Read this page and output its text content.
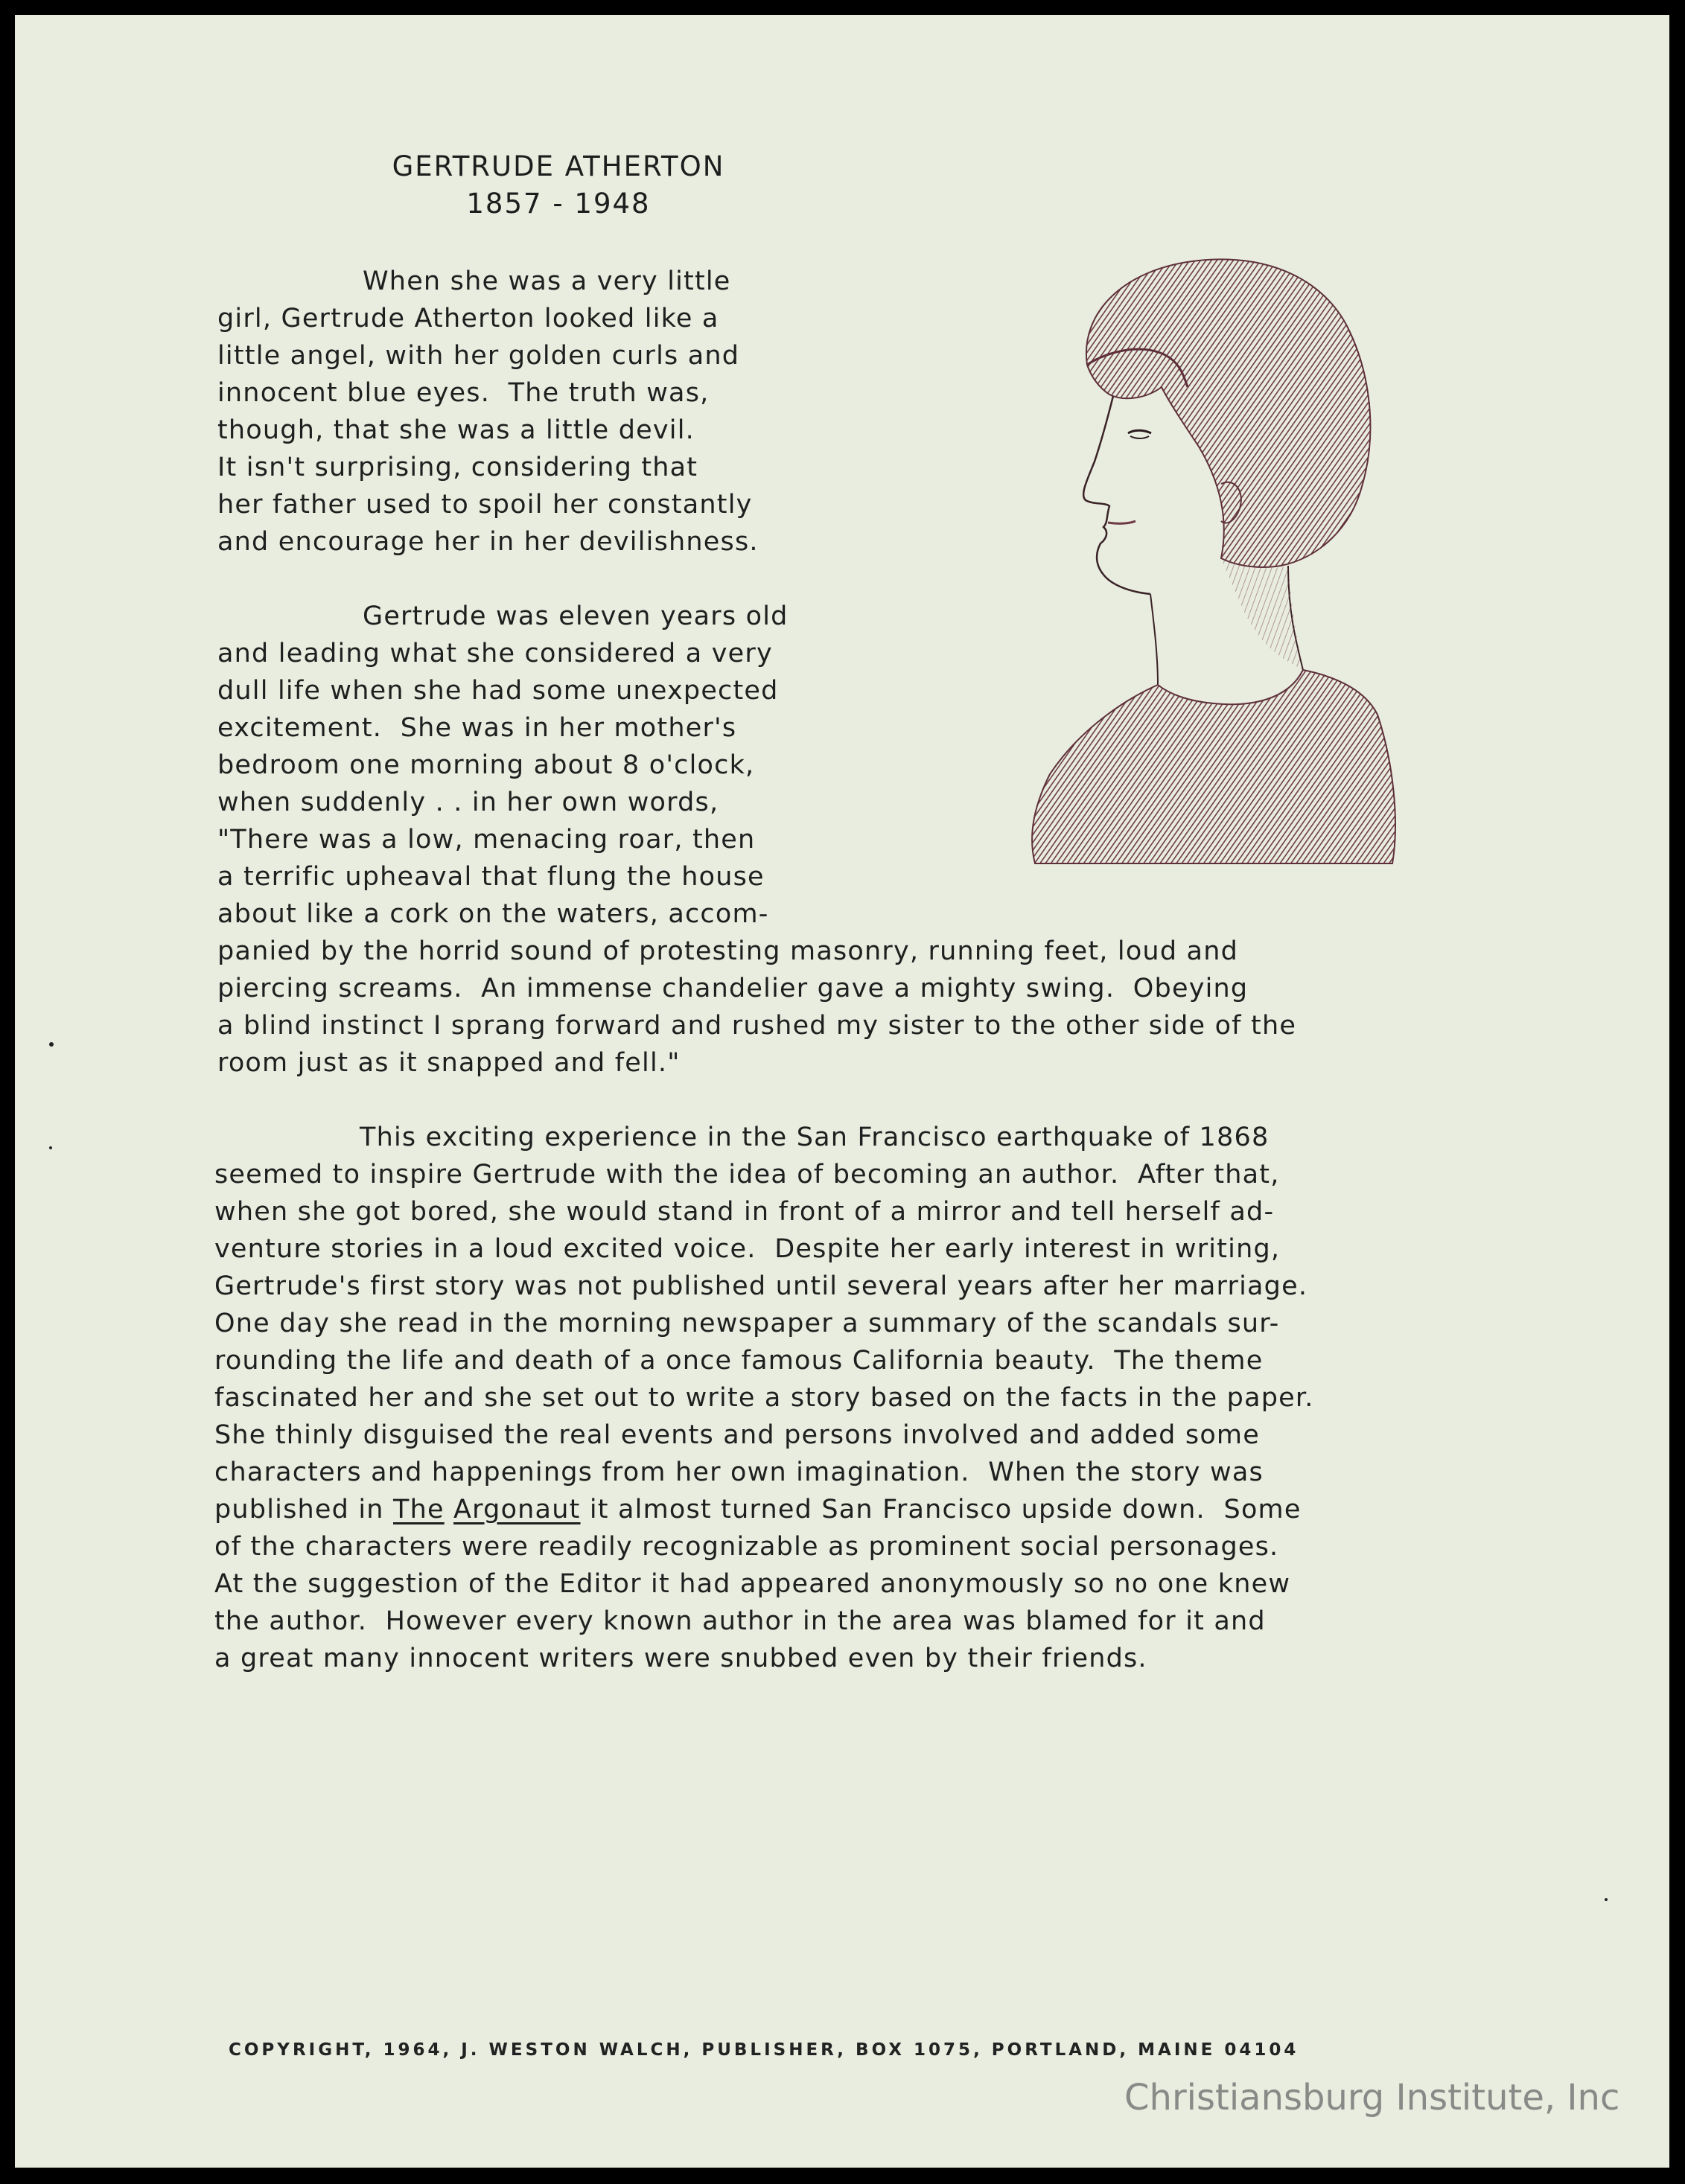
GERTRUDE ATHERTON
1857 - 1948
When she was a very little
girl, Gertrude Atherton looked like a
little angel, with her golden curls and
innocent blue eyes.  The truth was,
though, that she was a little devil.
It isn't surprising, considering that
her father used to spoil her constantly
and encourage her in her devilishness.
Gertrude was eleven years old
and leading what she considered a very
dull life when she had some unexpected
excitement.  She was in her mother's
bedroom one morning about 8 o'clock,
when suddenly . . in her own words,
"There was a low, menacing roar, then
a terrific upheaval that flung the house
about like a cork on the waters, accom-
panied by the horrid sound of protesting masonry, running feet, loud and
piercing screams.  An immense chandelier gave a mighty swing.  Obeying
a blind instinct I sprang forward and rushed my sister to the other side of the
room just as it snapped and fell."
This exciting experience in the San Francisco earthquake of 1868
seemed to inspire Gertrude with the idea of becoming an author.  After that,
when she got bored, she would stand in front of a mirror and tell herself ad-
venture stories in a loud excited voice.  Despite her early interest in writing,
Gertrude's first story was not published until several years after her marriage.
One day she read in the morning newspaper a summary of the scandals sur-
rounding the life and death of a once famous California beauty.  The theme
fascinated her and she set out to write a story based on the facts in the paper.
She thinly disguised the real events and persons involved and added some
characters and happenings from her own imagination.  When the story was
published in The Argonaut it almost turned San Francisco upside down.  Some
of the characters were readily recognizable as prominent social personages.
At the suggestion of the Editor it had appeared anonymously so no one knew
the author.  However every known author in the area was blamed for it and
a great many innocent writers were snubbed even by their friends.
COPYRIGHT, 1964, J. WESTON WALCH, PUBLISHER, BOX 1075, PORTLAND, MAINE 04104
Christiansburg Institute, Inc
